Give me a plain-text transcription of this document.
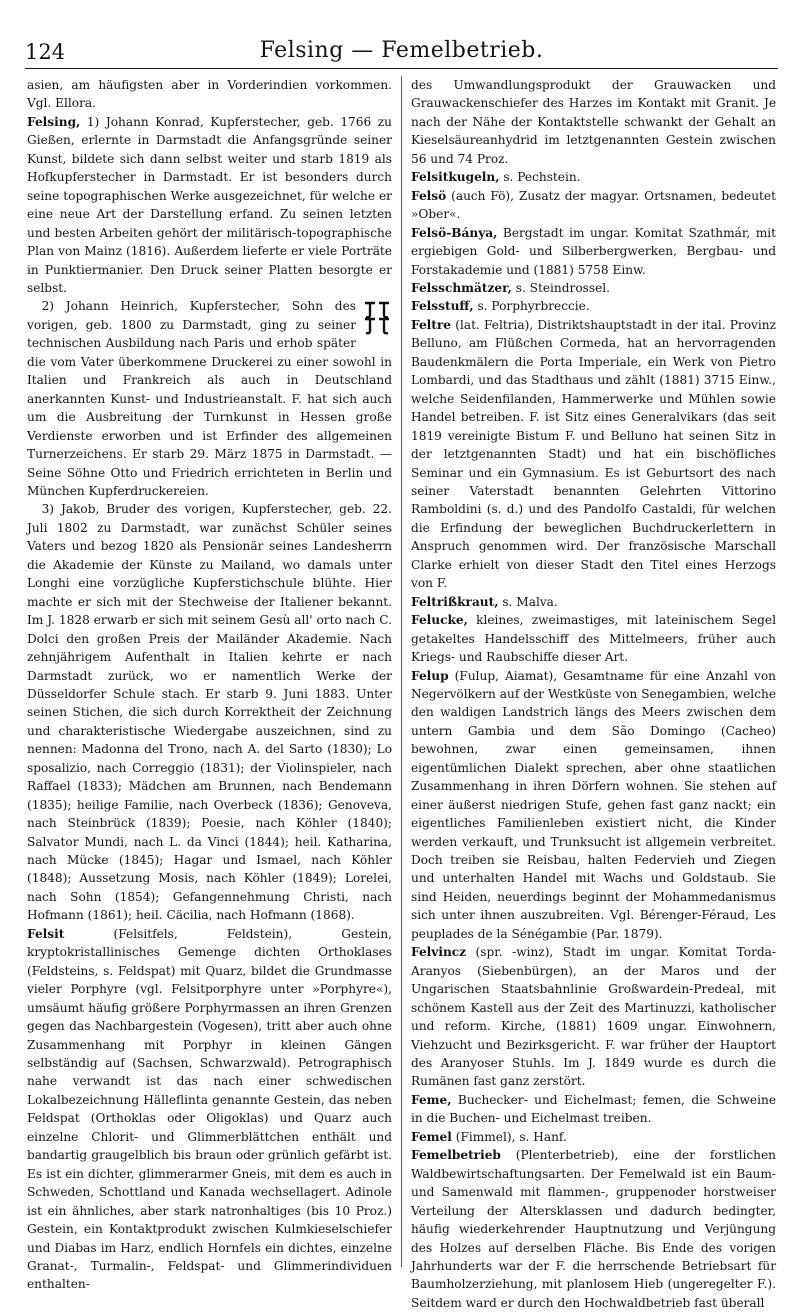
124	Felsing — Femelbetrieb.

asien, am häufigsten aber in Vorderindien vorkommen. Vgl. Ellora.

Felsing, 1) Johann Konrad, Kupferstecher, geb. 1766 zu Gießen, erlernte in Darmstadt die Anfangsgründe seiner Kunst, bildete sich dann selbst weiter und starb 1819 als Hofkupferstecher in Darmstadt. Er ist besonders durch seine topographischen Werke ausgezeichnet, für welche er eine neue Art der Darstellung erfand. Zu seinen letzten und besten Arbeiten gehört der militärisch-topographische Plan von Mainz (1816). Außerdem lieferte er viele Porträte in Punktiermanier. Den Druck seiner Platten besorgte er selbst.

2) Johann Heinrich, Kupferstecher, Sohn des vorigen, geb. 1800 zu Darmstadt, ging zu seiner technischen Ausbildung nach Paris und erhob später die vom Vater überkommene Druckerei zu einer sowohl in Italien und Frankreich als auch in Deutschland anerkannten Kunst- und Industrieanstalt. F. hat sich auch um die Ausbreitung der Turnkunst in Hessen große Verdienste erworben und ist Erfinder des allgemeinen Turnerzeichens. Er starb 29. März 1875 in Darmstadt. — Seine Söhne Otto und Friedrich errichteten in Berlin und München Kupferdruckereien.

3) Jakob, Bruder des vorigen, Kupferstecher, geb. 22. Juli 1802 zu Darmstadt, war zunächst Schüler seines Vaters und bezog 1820 als Pensionär seines Landesherrn die Akademie der Künste zu Mailand, wo damals unter Longhi eine vorzügliche Kupferstichschule blühte. Hier machte er sich mit der Stechweise der Italiener bekannt. Im J. 1828 erwarb er sich mit seinem Gesù all' orto nach C. Dolci den großen Preis der Mailänder Akademie. Nach zehnjährigem Aufenthalt in Italien kehrte er nach Darmstadt zurück, wo er namentlich Werke der Düsseldorfer Schule stach. Er starb 9. Juni 1883. Unter seinen Stichen, die sich durch Korrektheit der Zeichnung und charakteristische Wiedergabe auszeichnen, sind zu nennen: Madonna del Trono, nach A. del Sarto (1830); Lo sposalizio, nach Correggio (1831); der Violinspieler, nach Raffael (1833); Mädchen am Brunnen, nach Bendemann (1835); heilige Familie, nach Overbeck (1836); Genoveva, nach Steinbrück (1839); Poesie, nach Köhler (1840); Salvator Mundi, nach L. da Vinci (1844); heil. Katharina, nach Mücke (1845); Hagar und Ismael, nach Köhler (1848); Aussetzung Mosis, nach Köhler (1849); Lorelei, nach Sohn (1854); Gefangennehmung Christi, nach Hofmann (1861); heil. Cäcilia, nach Hofmann (1868).

Felsit (Felsitfels, Feldstein), Gestein, kryptokristallinisches Gemenge dichten Orthoklases (Feldsteins, s. Feldspat) mit Quarz, bildet die Grundmasse vieler Porphyre (vgl. Felsitporphyre unter »Porphyre«), umsäumt häufig größere Porphyrmassen an ihren Grenzen gegen das Nachbargestein (Vogesen), tritt aber auch ohne Zusammenhang mit Porphyr in kleinen Gängen selbständig auf (Sachsen, Schwarzwald). Petrographisch nahe verwandt ist das nach einer schwedischen Lokalbezeichnung Hälleflinta genannte Gestein, das neben Feldspat (Orthoklas oder Oligoklas) und Quarz auch einzelne Chlorit- und Glimmerblättchen enthält und bandartig graugelblich bis braun oder grünlich gefärbt ist. Es ist ein dichter, glimmerarmer Gneis, mit dem es auch in Schweden, Schottland und Kanada wechsellagert. Adinole ist ein ähnliches, aber stark natronhaltiges (bis 10 Proz.) Gestein, ein Kontaktprodukt zwischen Kulmkieselschiefer und Diabas im Harz, endlich Hornfels ein dichtes, einzelne Granat-, Turmalin-, Feldspat- und Glimmerindividuen enthalten-

des Umwandlungsprodukt der Grauwacken und Grauwackenschiefer des Harzes im Kontakt mit Granit. Je nach der Nähe der Kontaktstelle schwankt der Gehalt an Kieselsäureanhydrid im letztgenannten Gestein zwischen 56 und 74 Proz.

Felsitkugeln, s. Pechstein.

Felsö (auch Fö), Zusatz der magyar. Ortsnamen, bedeutet »Ober«.

Felsö-Bánya, Bergstadt im ungar. Komitat Szathmár, mit ergiebigen Gold- und Silberbergwerken, Bergbau- und Forstakademie und (1881) 5758 Einw.

Felsschmätzer, s. Steindrossel.

Felsstuff, s. Porphyrbreccie.

Feltre (lat. Feltria), Distriktshauptstadt in der ital. Provinz Belluno, am Flüßchen Cormeda, hat an hervorragenden Baudenkmälern die Porta Imperiale, ein Werk von Pietro Lombardi, und das Stadthaus und zählt (1881) 3715 Einw., welche Seidenfilanden, Hammerwerke und Mühlen sowie Handel betreiben. F. ist Sitz eines Generalvikars (das seit 1819 vereinigte Bistum F. und Belluno hat seinen Sitz in der letztgenannten Stadt) und hat ein bischöfliches Seminar und ein Gymnasium. Es ist Geburtsort des nach seiner Vaterstadt benannten Gelehrten Vittorino Ramboldini (s. d.) und des Pandolfo Castaldi, für welchen die Erfindung der beweglichen Buchdruckerlettern in Anspruch genommen wird. Der französische Marschall Clarke erhielt von dieser Stadt den Titel eines Herzogs von F.

Feltrißkraut, s. Malva.

Felucke, kleines, zweimastiges, mit lateinischem Segel getakeltes Handelsschiff des Mittelmeers, früher auch Kriegs- und Raubschiffe dieser Art.

Felup (Fulup, Aiamat), Gesamtname für eine Anzahl von Negervölkern auf der Westküste von Senegambien, welche den waldigen Landstrich längs des Meers zwischen dem untern Gambia und dem São Domingo (Cacheo) bewohnen, zwar einen gemeinsamen, ihnen eigentümlichen Dialekt sprechen, aber ohne staatlichen Zusammenhang in ihren Dörfern wohnen. Sie stehen auf einer äußerst niedrigen Stufe, gehen fast ganz nackt; ein eigentliches Familienleben existiert nicht, die Kinder werden verkauft, und Trunksucht ist allgemein verbreitet. Doch treiben sie Reisbau, halten Federvieh und Ziegen und unterhalten Handel mit Wachs und Goldstaub. Sie sind Heiden, neuerdings beginnt der Mohammedanismus sich unter ihnen auszubreiten. Vgl. Bérenger-Féraud, Les peuplades de la Sénégambie (Par. 1879).

Felvincz (spr. -winz), Stadt im ungar. Komitat Torda-Aranyos (Siebenbürgen), an der Maros und der Ungarischen Staatsbahnlinie Großwardein-Predeal, mit schönem Kastell aus der Zeit des Martinuzzi, katholischer und reform. Kirche, (1881) 1609 ungar. Einwohnern, Viehzucht und Bezirksgericht. F. war früher der Hauptort des Aranyoser Stuhls. Im J. 1849 wurde es durch die Rumänen fast ganz zerstört.

Feme, Buchecker- und Eichelmast; femen, die Schweine in die Buchen- und Eichelmast treiben.

Femel (Fimmel), s. Hanf.

Femelbetrieb (Plenterbetrieb), eine der forstlichen Waldbewirtschaftungsarten. Der Femelwald ist ein Baum- und Samenwald mit flammen-, gruppenoder horstweiser Verteilung der Altersklassen und dadurch bedingter, häufig wiederkehrender Hauptnutzung und Verjüngung des Holzes auf derselben Fläche. Bis Ende des vorigen Jahrhunderts war der F. die herrschende Betriebsart für Baumholzerziehung, mit planlosem Hieb (ungeregelter F.). Seitdem ward er durch den Hochwaldbetrieb fast überall
